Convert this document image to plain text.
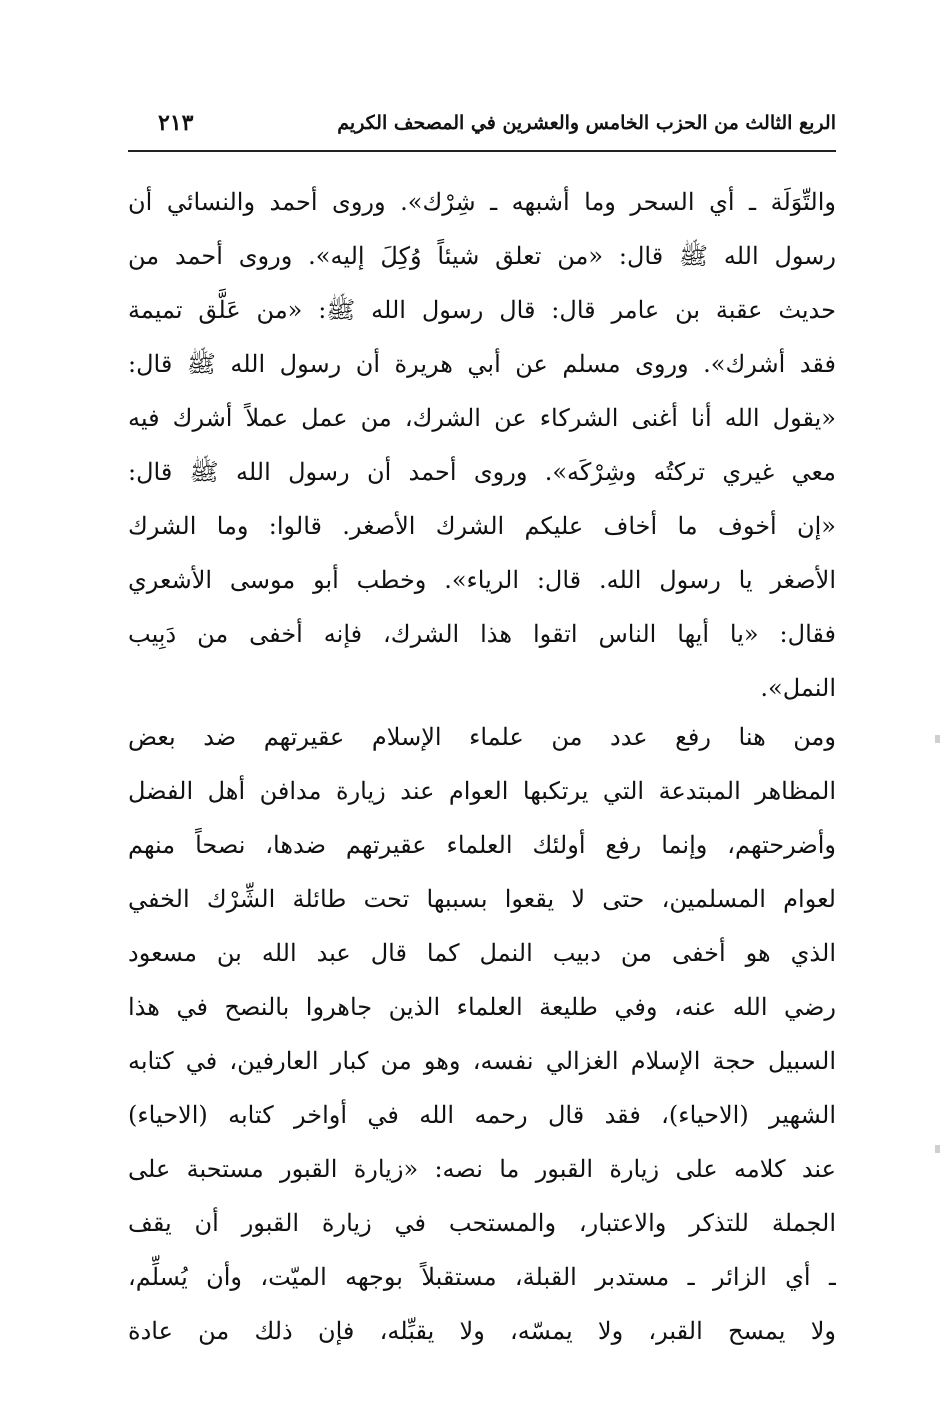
الربع الثالث من الحزب الخامس والعشرين في المصحف الكريم
٢١٣
والتِّوَلَة ـ أي السحر وما أشبهه ـ شِرْك». وروى أحمد والنسائي أن
رسول الله ﷺ قال: «من تعلق شيئاً وُكِلَ إليه». وروى أحمد من
حديث عقبة بن عامر قال: قال رسول الله ﷺ: «من عَلَّق تميمة
فقد أشرك». وروى مسلم عن أبي هريرة أن رسول الله ﷺ قال:
«يقول الله أنا أغنى الشركاء عن الشرك، من عمل عملاً أشرك فيه
معي غيري تركتُه وشِرْكَه». وروى أحمد أن رسول الله ﷺ قال:
«إن أخوف ما أخاف عليكم الشرك الأصغر. قالوا: وما الشرك
الأصغر يا رسول الله. قال: الرياء». وخطب أبو موسى الأشعري
فقال: «يا أيها الناس اتقوا هذا الشرك، فإنه أخفى من دَبِيب
النمل».
ومن هنا رفع عدد من علماء الإسلام عقيرتهم ضد بعض
المظاهر المبتدعة التي يرتكبها العوام عند زيارة مدافن أهل الفضل
وأضرحتهم، وإنما رفع أولئك العلماء عقيرتهم ضدها، نصحاً منهم
لعوام المسلمين، حتى لا يقعوا بسببها تحت طائلة الشِّرْك الخفي
الذي هو أخفى من دبيب النمل كما قال عبد الله بن مسعود
رضي الله عنه، وفي طليعة العلماء الذين جاهروا بالنصح في هذا
السبيل حجة الإسلام الغزالي نفسه، وهو من كبار العارفين، في كتابه
الشهير (الاحياء)، فقد قال رحمه الله في أواخر كتابه (الاحياء)
عند كلامه على زيارة القبور ما نصه: «زيارة القبور مستحبة على
الجملة للتذكر والاعتبار، والمستحب في زيارة القبور أن يقف
ـ أي الزائر ـ مستدبر القبلة، مستقبلاً بوجهه الميّت، وأن يُسلِّم،
ولا يمسح القبر، ولا يمسّه، ولا يقبِّله، فإن ذلك من عادة
